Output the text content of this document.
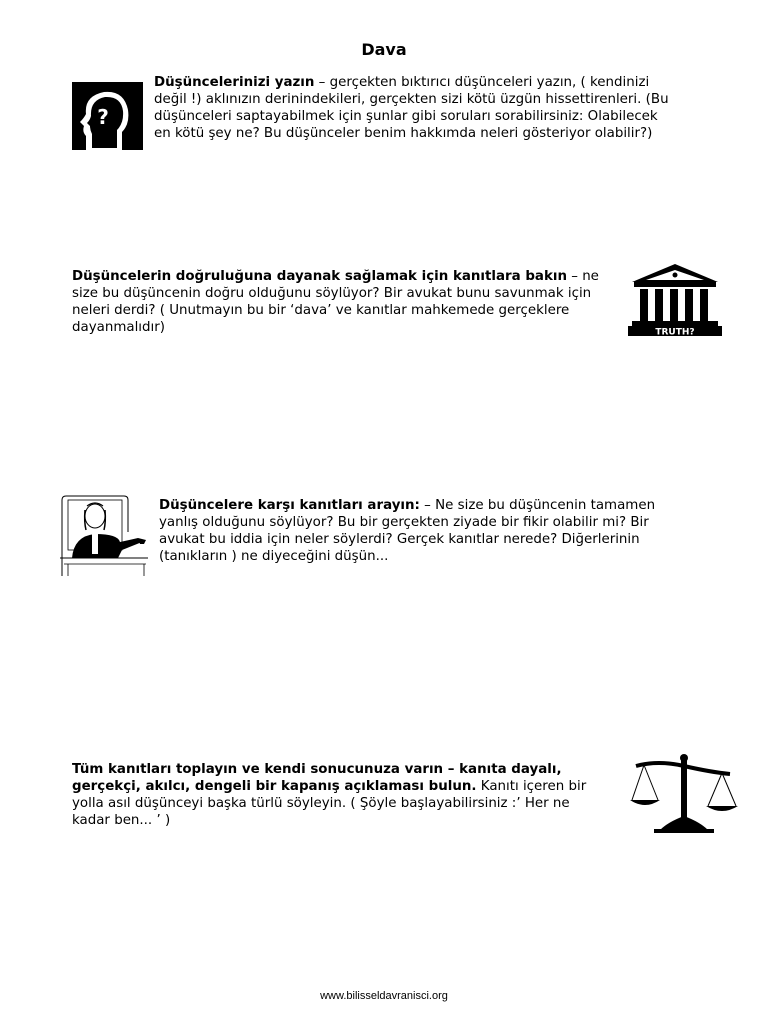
Dava
?
Düşüncelerinizi yazın – gerçekten bıktırıcı düşünceleri yazın, ( kendinizi değil !) aklınızın derinindekileri, gerçekten sizi kötü üzgün hissettirenleri. (Bu düşünceleri saptayabilmek için şunlar gibi soruları sorabilirsiniz: Olabilecek en kötü şey ne? Bu düşünceler benim hakkımda neleri gösteriyor olabilir?)
Düşüncelerin doğruluğuna dayanak sağlamak için kanıtlara bakın – ne size bu düşüncenin doğru olduğunu söylüyor? Bir avukat bunu savunmak için neleri derdi? ( Unutmayın bu bir ‘dava’ ve kanıtlar mahkemede gerçeklere dayanmalıdır)	TRUTH?
Düşüncelere karşı kanıtları arayın: – Ne size bu düşüncenin tamamen yanlış olduğunu söylüyor? Bu bir gerçekten ziyade bir fikir olabilir mi? Bir avukat bu iddia için neler söylerdi? Gerçek kanıtlar nerede? Diğerlerinin (tanıkların ) ne diyeceğini düşün...
Tüm kanıtları toplayın ve kendi sonucunuza varın – kanıta dayalı, gerçekçi, akılcı, dengeli bir kapanış açıklaması bulun. Kanıtı içeren bir yolla asıl düşünceyi başka türlü söyleyin. ( Şöyle başlayabilirsiniz :’ Her ne kadar ben... ’ )
www.bilisseldavranisci.org
